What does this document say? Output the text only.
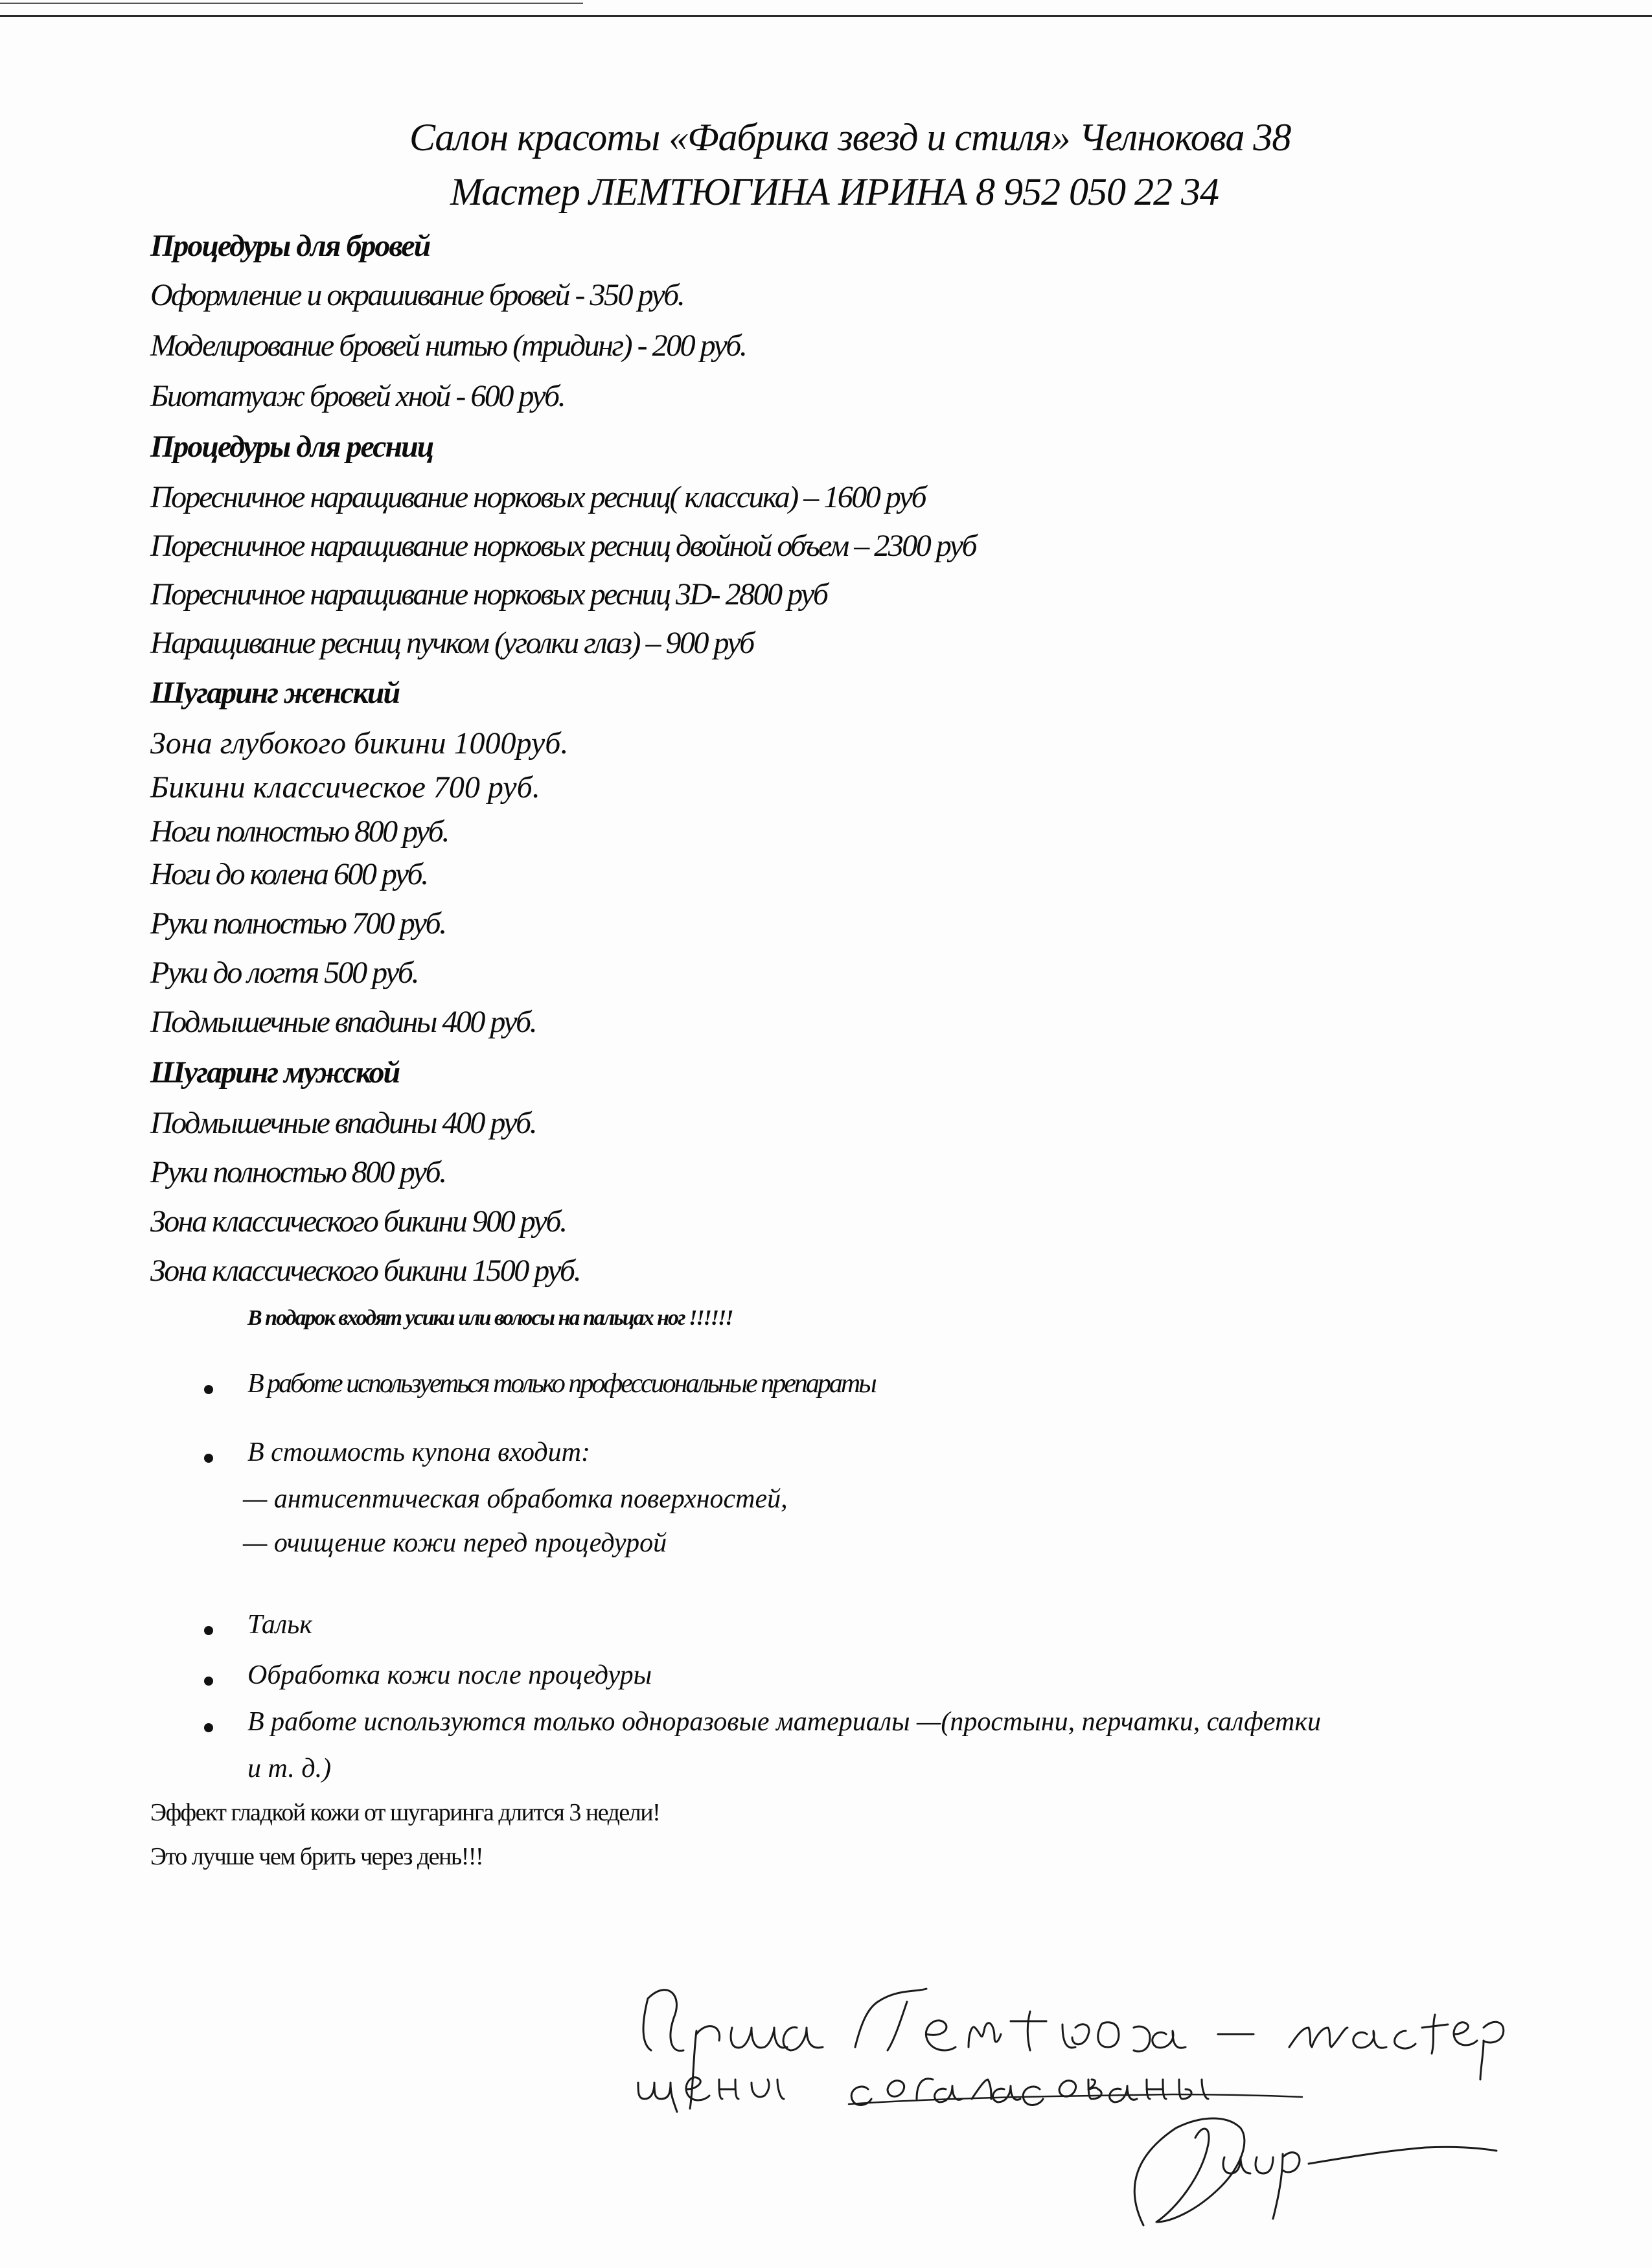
Салон красоты «Фабрика звезд и стиля» Челнокова 38
Мастер ЛЕМТЮГИНА ИРИНА 8 952 050 22 34
Процедуры для бровей
Оформление и окрашивание бровей - 350 руб.
Моделирование бровей нитью (тридинг) - 200 руб.
Биотатуаж бровей хной - 600 руб.
Процедуры для ресниц
Поресничное наращивание норковых ресниц( классика) – 1600 руб
Поресничное наращивание норковых ресниц двойной объем – 2300 руб
Поресничное наращивание норковых ресниц 3D- 2800 руб
Наращивание ресниц пучком (уголки глаз) – 900 руб
Шугаринг женский
Зона глубокого бикини 1000руб.
Бикини классическое 700 руб.
Ноги полностью 800 руб.
Ноги до колена 600 руб.
Руки полностью 700 руб.
Руки до логтя 500 руб.
Подмышечные впадины 400 руб.
Шугаринг мужской
Подмышечные впадины 400 руб.
Руки полностью 800 руб.
Зона классического бикини 900 руб.
Зона классического бикини 1500 руб.
В подарок входят усики или волосы на пальцах ног !!!!!!
В работе используеться только профессиональные препараты
В стоимость купона входит:
— антисептическая обработка поверхностей,
— очищение кожи перед процедурой
Тальк
Обработка кожи после процедуры
В работе используются только одноразовые материалы —(простыни, перчатки, салфетки
и т. д.)
Эффект гладкой кожи от шугаринга длится 3 недели!
Это лучше чем брить через день!!!
